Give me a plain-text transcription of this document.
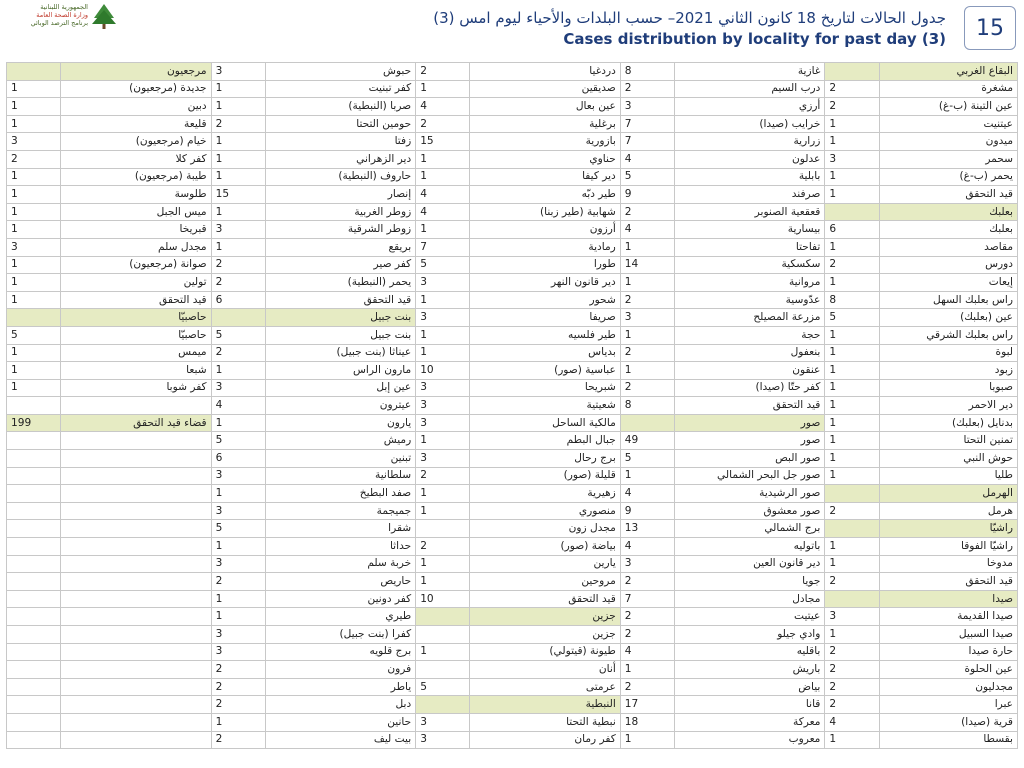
الجمهورية اللبنانية
وزارة الصحة العامة
برنامج الترصد الوبائي	جدول الحالات لتاريخ 18 كانون الثاني 2021– حسب البلدات والأحياء ليوم امس (3)
Cases distribution by locality for past day (3)	15
	مرجعيون	3	حبوش	2	دردغيا	8	غازية		البقاع الغربي
1	جديدة (مرجعيون)	1	كفر تبنيت	1	صديقين	2	درب السيم	2	مشغرة
1	دبين	1	صربا (النبطية)	4	عين بعال	3	أرزي	2	عين التينة (ب-غ)
1	قليعة	2	حومين التحتا	2	برغلية	7	خرايب (صيدا)	1	عيتنيت
3	خيام (مرجعيون)	1	زفتا	15	بازورية	7	زرارية	1	ميدون
2	كفر كلا	1	دير الزهراني	1	حناوي	4	عدلون	3	سحمر
1	طيبة (مرجعيون)	1	حاروف (النبطية)	1	دير كيفا	5	بابلية	1	يحمر (ب-غ)
1	طلوسة	15	إنصار	4	طير دبّه	9	صرفند	1	قيد التحقق
1	ميس الجبل	1	زوطر الغربية	4	شهابية (طير زبنا)	2	قعقعية الصنوبر		بعلبك
1	قبريخا	3	زوطر الشرقية	1	أرزون	4	بيسارية	6	بعلبك
3	مجدل سلم	1	بريقع	7	رمادية	1	تفاحتا	1	مقاصد
1	صوانة (مرجعيون)	2	كفر صير	5	طورا	14	سكسكية	2	دورس
1	تولين	2	يحمر (النبطية)	3	دير قانون النهر	1	مروانية	1	إيعات
1	قيد التحقق	6	قيد التحقق	1	شحور	2	عدّوسية	8	راس بعلبك السهل
	حاصبيّا		بنت جبيل	3	صريفا	3	مزرعة المصيلح	5	عين (بعلبك)
5	حاصبيّا	5	بنت جبيل	1	طير فلسيه	1	حجة	1	راس بعلبك الشرقي
1	ميمس	2	عيناثا (بنت جبيل)	1	بدياس	2	بنعفول	1	لبوة
1	شبعا	1	مارون الراس	10	عباسية (صور)	1	عنقون	1	زبود
1	كفر شوبا	3	عين إبل	3	شبريحا	2	كفر حتّا (صيدا)	1	صبوبا
		4	عيترون	3	شعيتية	8	قيد التحقق	1	دير الاحمر
199	قضاء قيد التحقق	1	يارون	3	مالكية الساحل		صور	1	بدنايل (بعلبك)
		5	رميش	1	جبال البطم	49	صور	1	تمنين التحتا
		6	تبنين	3	برج رحال	5	صور البص	1	حوش النبي
		3	سلطانية	2	قليلة (صور)	1	صور جل البحر الشمالي	1	طليا
		1	صفد البطيخ	1	زهيرية	4	صور الرشيدية		الهرمل
		3	جميجمة	1	منصوري	9	صور معشوق	2	هرمل
		5	شقرا		مجدل زون	13	برج الشمالي		راشيّا
		1	حداثا	2	بياضة (صور)	4	باتوليه	1	راشيّا الفوقا
		3	خربة سلم	1	يارين	3	دير قانون العين	1	مدوخا
		2	حاريص	1	مروحين	2	جويا	2	قيد التحقق
		1	كفر دونين	10	قيد التحقق	7	مجادل		صيدا
		1	طيري		جزين	2	عيتيت	3	صيدا القديمة
		3	كفرا (بنت جبيل)		جزين	2	وادي جيلو	1	صيدا السبيل
		3	برج قلويه	1	طيونة (قيتولي)	4	باقليه	2	حارة صيدا
		2	فرون		أنان	1	باريش	2	عين الحلوة
		2	ياطر	5	عرمتى	2	بياض	2	مجدليون
		2	دبل		النبطية	17	قانا	2	عبرا
		1	حانين	3	نبطية التحتا	18	معركة	4	قرية (صيدا)
		2	بيت ليف	3	كفر رمان	1	معروب	1	بقسطا
